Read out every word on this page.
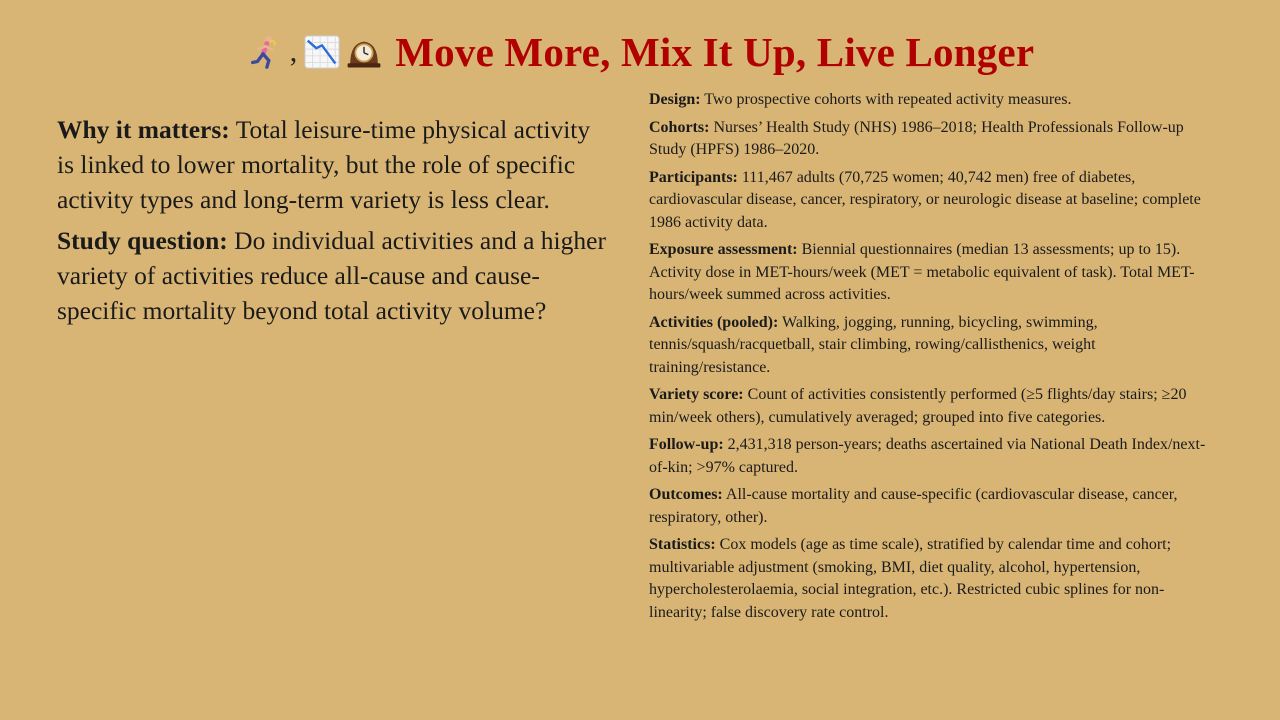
, Move More, Mix It Up, Live Longer

Why it matters: Total leisure-time physical activity is linked to lower mortality, but the role of specific activity types and long-term variety is less clear.

Study question: Do individual activities and a higher variety of activities reduce all-cause and cause-specific mortality beyond total activity volume?

Design: Two prospective cohorts with repeated activity measures.

Cohorts: Nurses’ Health Study (NHS) 1986–2018; Health Professionals Follow-up Study (HPFS) 1986–2020.

Participants: 111,467 adults (70,725 women; 40,742 men) free of diabetes, cardiovascular disease, cancer, respiratory, or neurologic disease at baseline; complete 1986 activity data.

Exposure assessment: Biennial questionnaires (median 13 assessments; up to 15). Activity dose in MET-hours/week (MET = metabolic equivalent of task). Total MET-hours/week summed across activities.

Activities (pooled): Walking, jogging, running, bicycling, swimming, tennis/squash/racquetball, stair climbing, rowing/callisthenics, weight training/resistance.

Variety score: Count of activities consistently performed (≥5 flights/day stairs; ≥20 min/week others), cumulatively averaged; grouped into five categories.

Follow-up: 2,431,318 person-years; deaths ascertained via National Death Index/next-of-kin; >97% captured.

Outcomes: All-cause mortality and cause-specific (cardiovascular disease, cancer, respiratory, other).

Statistics: Cox models (age as time scale), stratified by calendar time and cohort; multivariable adjustment (smoking, BMI, diet quality, alcohol, hypertension, hypercholesterolaemia, social integration, etc.). Restricted cubic splines for non-linearity; false discovery rate control.
